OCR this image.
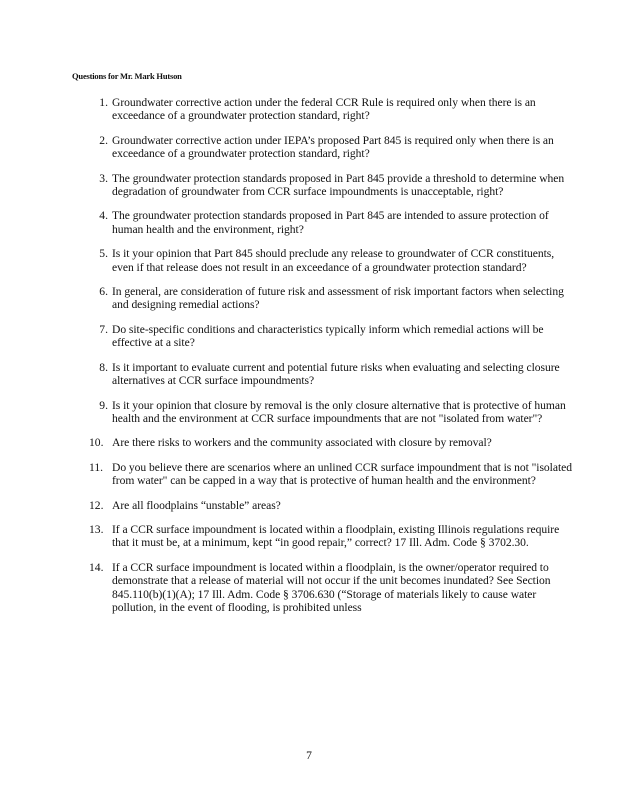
Questions for Mr. Mark Hutson
1. Groundwater corrective action under the federal CCR Rule is required only when there is an exceedance of a groundwater protection standard, right?
2. Groundwater corrective action under IEPA’s proposed Part 845 is required only when there is an exceedance of a groundwater protection standard, right?
3. The groundwater protection standards proposed in Part 845 provide a threshold to determine when degradation of groundwater from CCR surface impoundments is unacceptable, right?
4. The groundwater protection standards proposed in Part 845 are intended to assure protection of human health and the environment, right?
5. Is it your opinion that Part 845 should preclude any release to groundwater of CCR constituents, even if that release does not result in an exceedance of a groundwater protection standard?
6. In general, are consideration of future risk and assessment of risk important factors when selecting and designing remedial actions?
7. Do site-specific conditions and characteristics typically inform which remedial actions will be effective at a site?
8. Is it important to evaluate current and potential future risks when evaluating and selecting closure alternatives at CCR surface impoundments?
9. Is it your opinion that closure by removal is the only closure alternative that is protective of human health and the environment at CCR surface impoundments that are not "isolated from water"?
10. Are there risks to workers and the community associated with closure by removal?
11. Do you believe there are scenarios where an unlined CCR surface impoundment that is not "isolated from water" can be capped in a way that is protective of human health and the environment?
12. Are all floodplains “unstable” areas?
13. If a CCR surface impoundment is located within a floodplain, existing Illinois regulations require that it must be, at a minimum, kept “in good repair,” correct? 17 Ill. Adm. Code § 3702.30.
14. If a CCR surface impoundment is located within a floodplain, is the owner/operator required to demonstrate that a release of material will not occur if the unit becomes inundated? See Section 845.110(b)(1)(A); 17 Ill. Adm. Code § 3706.630 (“Storage of materials likely to cause water pollution, in the event of flooding, is prohibited unless
7
